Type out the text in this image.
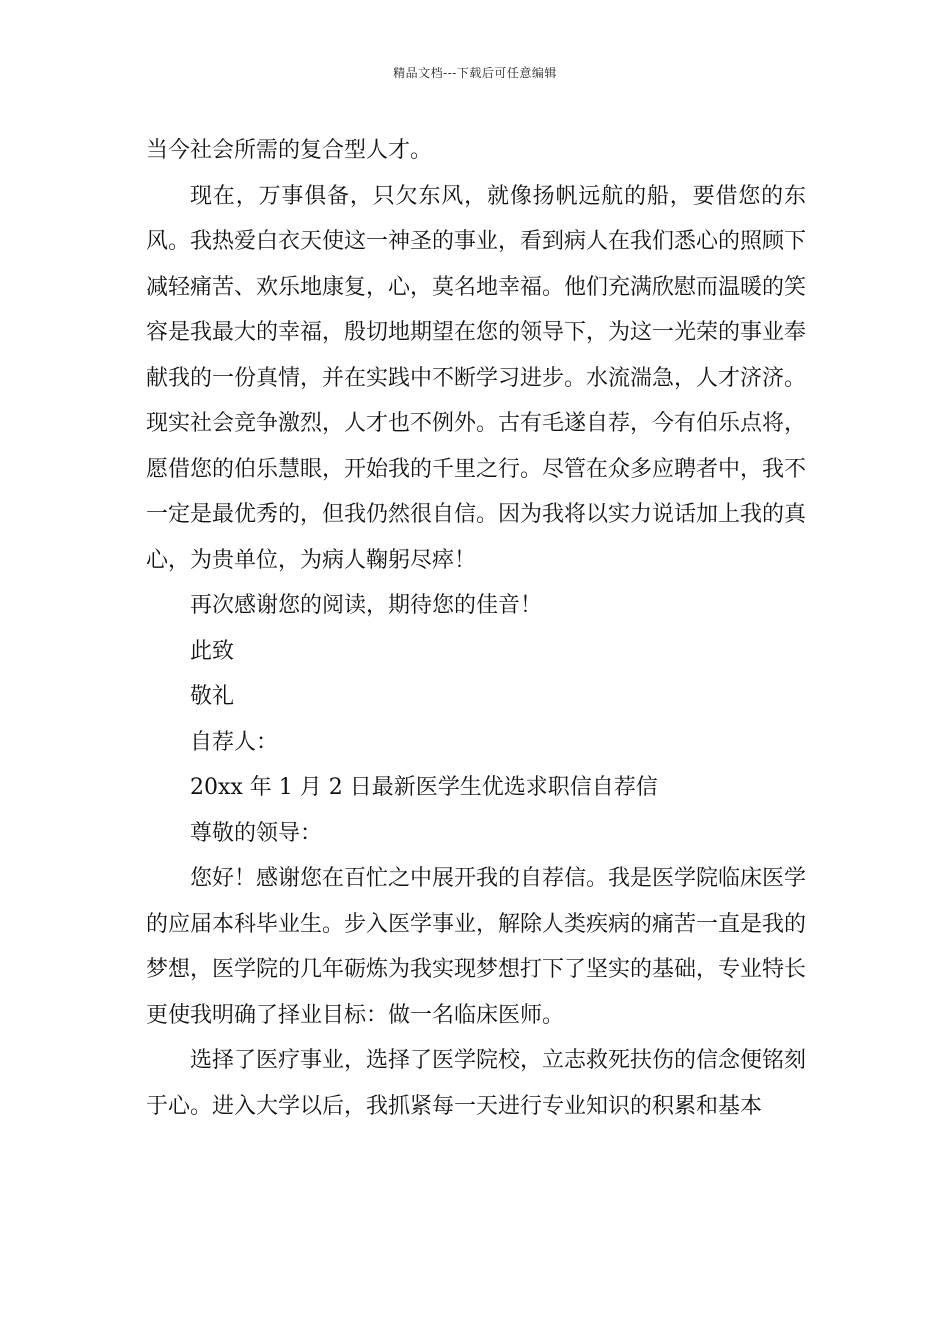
精品文档---下载后可任意编辑

当今社会所需的复合型人才。

现在，万事俱备，只欠东风，就像扬帆远航的船，要借您的东风。我热爱白衣天使这一神圣的事业，看到病人在我们悉心的照顾下减轻痛苦、欢乐地康复，心，莫名地幸福。他们充满欣慰而温暖的笑容是我最大的幸福，殷切地期望在您的领导下，为这一光荣的事业奉献我的一份真情，并在实践中不断学习进步。水流湍急，人才济济。现实社会竞争激烈，人才也不例外。古有毛遂自荐，今有伯乐点将，愿借您的伯乐慧眼，开始我的千里之行。尽管在众多应聘者中，我不一定是最优秀的，但我仍然很自信。因为我将以实力说话加上我的真心，为贵单位，为病人鞠躬尽瘁！

再次感谢您的阅读，期待您的佳音！

此致

敬礼

自荐人：

20xx 年 1 月 2 日最新医学生优选求职信自荐信

尊敬的领导：

您好！感谢您在百忙之中展开我的自荐信。我是医学院临床医学的应届本科毕业生。步入医学事业，解除人类疾病的痛苦一直是我的梦想，医学院的几年砺炼为我实现梦想打下了坚实的基础，专业特长更使我明确了择业目标：做一名临床医师。

选择了医疗事业，选择了医学院校，立志救死扶伤的信念便铭刻于心。进入大学以后，我抓紧每一天进行专业知识的积累和基本
